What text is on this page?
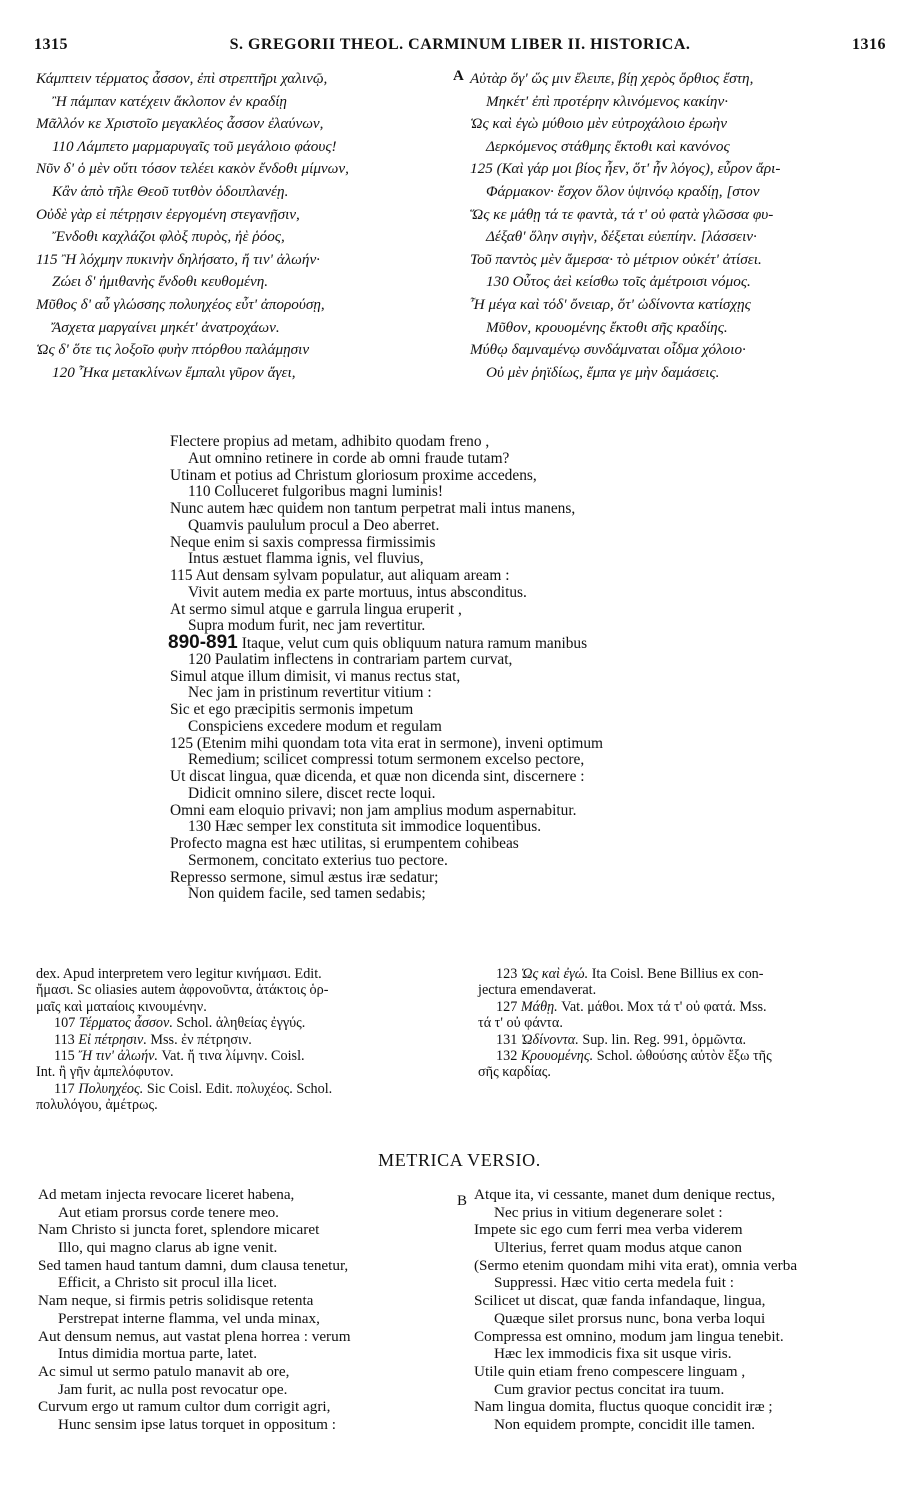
1315	S. GREGORII THEOL. CARMINUM LIBER II. HISTORICA.	1316
Κάμπτειν τέρματος ἆσσον, ἐπὶ στρεπτῆρι χαλινῷ,
Ἢ πάμπαν κατέχειν ἄκλοπον ἐν κραδίῃ
Μᾶλλόν κε Χριστοῖο μεγακλέος ἆσσον ἐλαύνων,
110 Λάμπετο μαρμαρυγαῖς τοῦ μεγάλοιο φάους!
Νῦν δ' ὁ μὲν οὔτι τόσον τελέει κακὸν ἔνδοθι μίμνων,
Κἂν ἀπὸ τῆλε Θεοῦ τυτθὸν ὁδοιπλανέῃ.
Οὐδὲ γὰρ εἰ πέτρῃσιν ἐεργομένη στεγανῇσιν,
Ἔνδοθι καχλάζοι φλὸξ πυρὸς, ἠὲ ῥόος,
115 Ἢ λόχμην πυκινὴν δηλήσατο, ἤ τιν' ἀλωήν·
Ζώει δ' ἡμιθανὴς ἔνδοθι κευθομένη.
Μῦθος δ' αὖ γλώσσης πολυηχέος εὖτ' ἀπορούσῃ,
Ἄσχετα μαργαίνει μηκέτ' ἀνατροχάων.
Ὡς δ' ὅτε τις λοξοῖο φυὴν πτόρθου παλάμῃσιν
120 Ἦκα μετακλίνων ἔμπαλι γῦρον ἄγει,
A Αὐτὰρ ὅγ' ὥς μιν ἔλειπε, βίῃ χερὸς ὄρθιος ἔστη,
Μηκέτ' ἐπὶ προτέρην κλινόμενος κακίην·
Ὡς καὶ ἐγὼ μύθοιο μὲν εὐτροχάλοιο ἐρωὴν
Δερκόμενος στάθμης ἔκτοθι καὶ κανόνος
125 (Καὶ γάρ μοι βίος ἦεν, ὅτ' ἦν λόγος), εὗρον ἄρι-
Φάρμακον· ἔσχον ὅλον ὑψινόῳ κραδίῃ, [στον
Ὥς κε μάθῃ τά τε φαντὰ, τά τ' οὐ φατὰ γλῶσσα φυ-
Δέξαθ' ὅλην σιγὴν, δέξεται εὐεπίην. [λάσσειν·
Τοῦ παντὸς μὲν ἄμερσα· τὸ μέτριον οὐκέτ' ἀτίσει.
130 Οὗτος ἀεὶ κείσθω τοῖς ἀμέτροισι νόμος.
Ἦ μέγα καὶ τόδ' ὄνειαρ, ὅτ' ὠδίνοντα κατίσχῃς
Μῦθον, κρουομένης ἔκτοθι σῆς κραδίης.
Μύθῳ δαμναμένῳ συνδάμναται οἶδμα χόλοιο·
Οὐ μὲν ῥηϊδίως, ἔμπα γε μὴν δαμάσεις.
Flectere propius ad metam, adhibito quodam freno ,
Aut omnino retinere in corde ab omni fraude tutam?
Utinam et potius ad Christum gloriosum proxime accedens,
110 Colluceret fulgoribus magni luminis!
Nunc autem hæc quidem non tantum perpetrat mali intus manens,
Quamvis paululum procul a Deo aberret.
Neque enim si saxis compressa firmissimis
Intus æstuet flamma ignis, vel fluvius,
115 Aut densam sylvam populatur, aut aliquam aream :
Vivit autem media ex parte mortuus, intus absconditus.
At sermo simul atque e garrula lingua eruperit ,
Supra modum furit, nec jam revertitur.
890-891 Itaque, velut cum quis obliquum natura ramum manibus
120 Paulatim inflectens in contrariam partem curvat,
Simul atque illum dimisit, vi manus rectus stat,
Nec jam in pristinum revertitur vitium :
Sic et ego præcipitis sermonis impetum
Conspiciens excedere modum et regulam
125 (Etenim mihi quondam tota vita erat in sermone), inveni optimum
Remedium; scilicet compressi totum sermonem excelso pectore,
Ut discat lingua, quæ dicenda, et quæ non dicenda sint, discernere :
Didicit omnino silere, discet recte loqui.
Omni eam eloquio privavi; non jam amplius modum aspernabitur.
130 Hæc semper lex constituta sit immodice loquentibus.
Profecto magna est hæc utilitas, si erumpentem cohibeas
Sermonem, concitato exterius tuo pectore.
Represso sermone, simul æstus iræ sedatur;
Non quidem facile, sed tamen sedabis;
dex. Apud interpretem vero legitur κινήμασι. Edit.
ἤμασι. Sc oliasies autem ἀφρονοῦντα, ἀτάκτοις ὁρ-
μαῖς καὶ ματαίοις κινουμένην.
107 Τέρματος ἆσσον. Schol. ἀληθείας ἐγγύς.
113 Εἰ πέτρησιν. Mss. ἐν πέτρησιν.
115 Ἤ τιν' ἀλωήν. Vat. ἤ τινα λίμνην. Coisl.
Int. ἢ γῆν ἀμπελόφυτον.
117 Πολυηχέος. Sic Coisl. Edit. πολυχέος. Schol.
πολυλόγου, ἀμέτρως.
123 Ὡς καὶ ἐγώ. Ita Coisl. Bene Billius ex con-
jectura emendaverat.
127 Μάθῃ. Vat. μάθοι. Mox τά τ' οὐ φατά. Mss.
τά τ' οὐ φάντα.
131 Ὠδίνοντα. Sup. lin. Reg. 991, ὁρμῶντα.
132 Κρουομένης. Schol. ὠθούσης αὐτὸν ἔξω τῆς
σῆς καρδίας.
METRICA VERSIO.
Ad metam injecta revocare liceret habena,
Aut etiam prorsus corde tenere meo.
Nam Christo si juncta foret, splendore micaret
Illo, qui magno clarus ab igne venit.
Sed tamen haud tantum damni, dum clausa tenetur,
Efficit, a Christo sit procul illa licet.
Nam neque, si firmis petris solidisque retenta
Perstrepat interne flamma, vel unda minax,
Aut densum nemus, aut vastat plena horrea : verum
Intus dimidia mortua parte, latet.
Ac simul ut sermo patulo manavit ab ore,
Jam furit, ac nulla post revocatur ope.
Curvum ergo ut ramum cultor dum corrigit agri,
Hunc sensim ipse latus torquet in oppositum :
B Atque ita, vi cessante, manet dum denique rectus,
Nec prius in vitium degenerare solet :
Impete sic ego cum ferri mea verba viderem
Ulterius, ferret quam modus atque canon
(Sermo etenim quondam mihi vita erat), omnia verba
Suppressi. Hæc vitio certa medela fuit :
Scilicet ut discat, quæ fanda infandaque, lingua,
Quæque silet prorsus nunc, bona verba loqui
Compressa est omnino, modum jam lingua tenebit.
Hæc lex immodicis fixa sit usque viris.
Utile quin etiam freno compescere linguam ,
Cum gravior pectus concitat ira tuum.
Nam lingua domita, fluctus quoque concidit iræ ;
Non equidem prompte, concidit ille tamen.
